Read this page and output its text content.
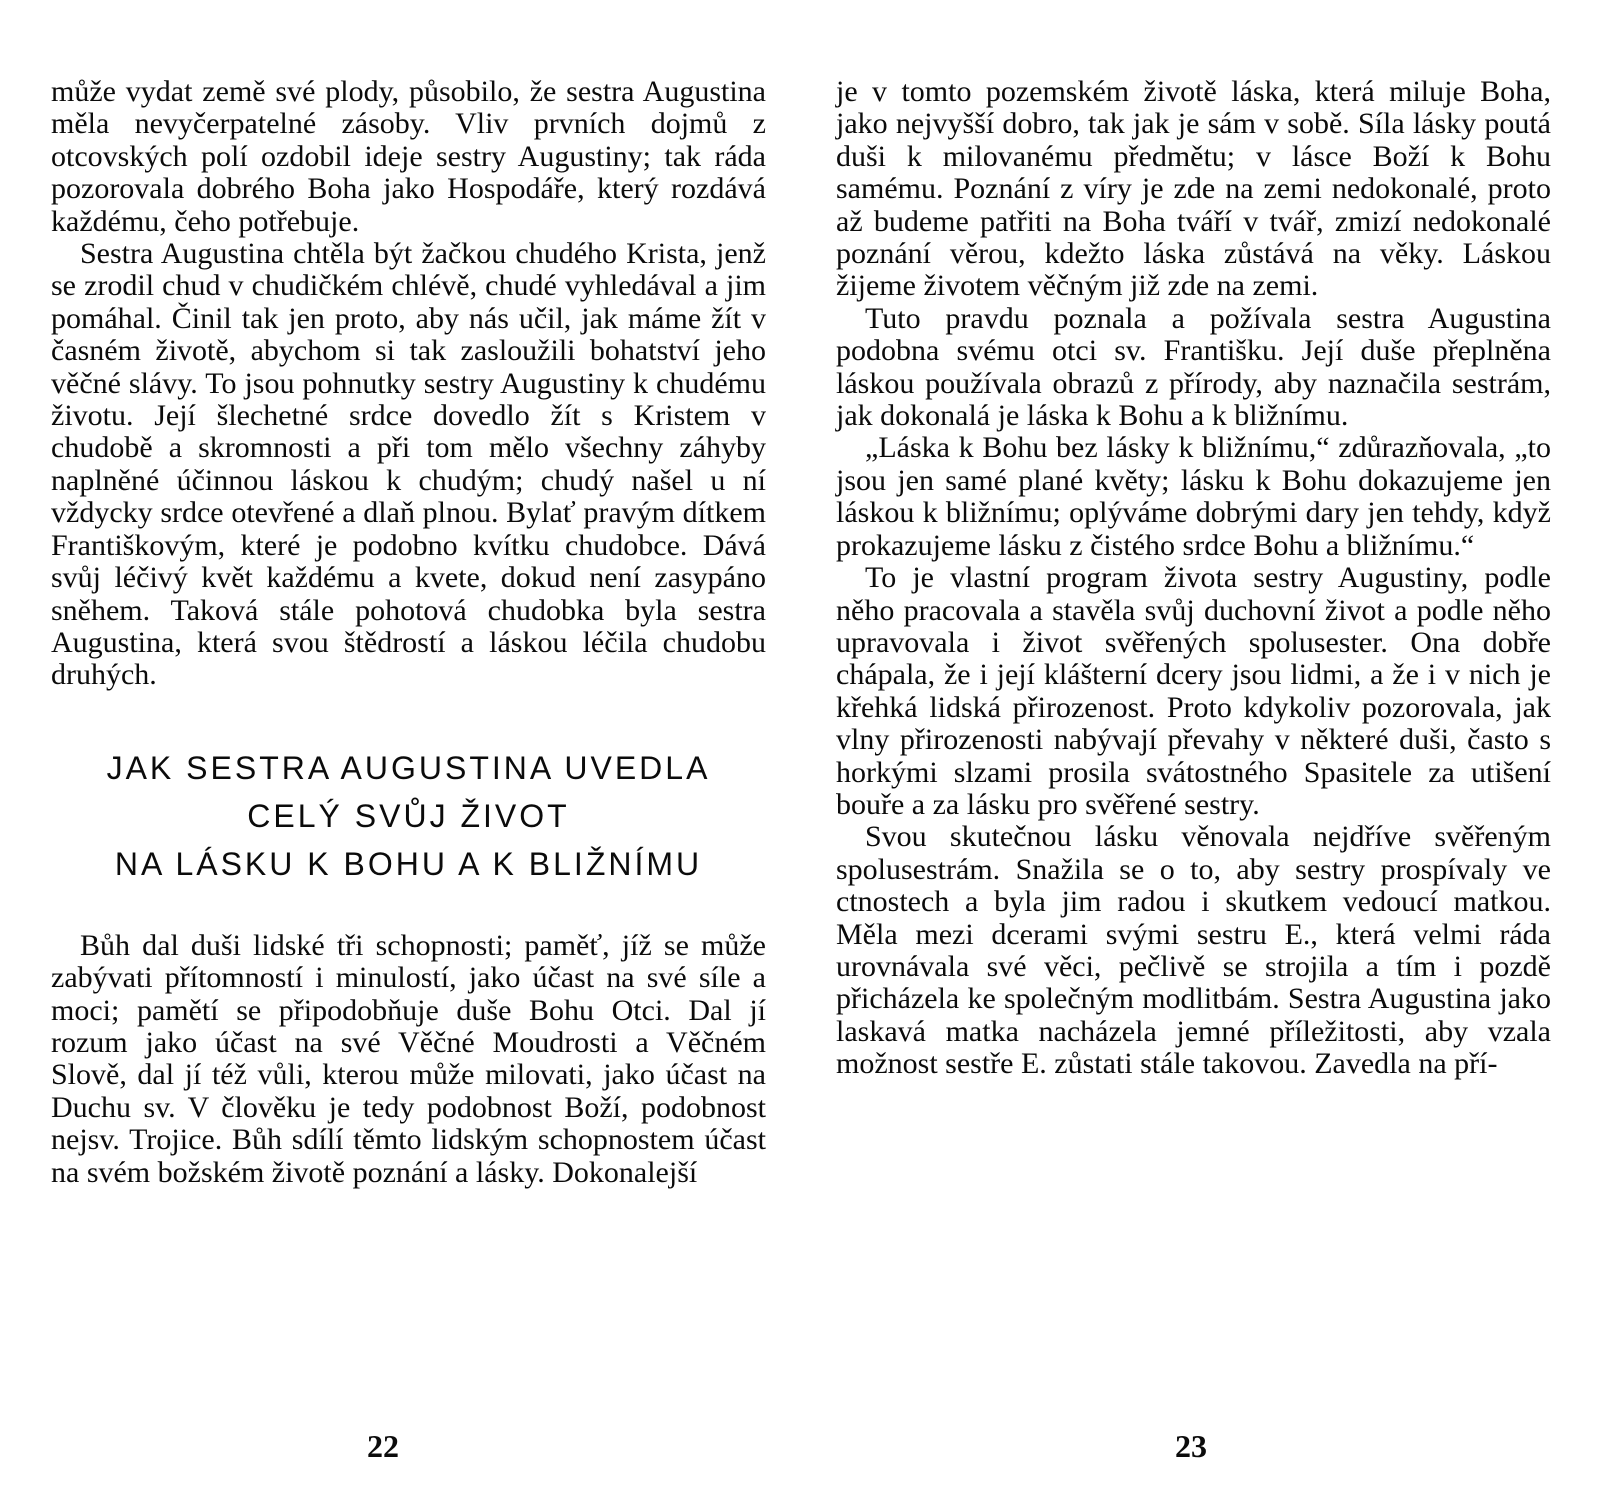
může vydat země své plody, působilo, že sestra Augustina měla nevyčerpatelné zásoby. Vliv prvních dojmů z otcovských polí ozdobil ideje sestry Augustiny; tak ráda pozorovala dobrého Boha jako Hospodáře, který rozdává každému, čeho potřebuje.

Sestra Augustina chtěla být žačkou chudého Krista, jenž se zrodil chud v chudičkém chlévě, chudé vyhledával a jim pomáhal. Činil tak jen proto, aby nás učil, jak máme žít v časném životě, abychom si tak zasloužili bohatství jeho věčné slávy. To jsou pohnutky sestry Augustiny k chudému životu. Její šlechetné srdce dovedlo žít s Kristem v chudobě a skromnosti a při tom mělo všechny záhyby naplněné účinnou láskou k chudým; chudý našel u ní vždycky srdce otevřené a dlaň plnou. Bylať pravým dítkem Františkovým, které je podobno kvítku chudobce. Dává svůj léčivý květ každému a kvete, dokud není zasypáno sněhem. Taková stále pohotová chudobka byla sestra Augustina, která svou štědrostí a láskou léčila chudobu druhých.

JAK SESTRA AUGUSTINA UVEDLA
CELÝ SVŮJ ŽIVOT
NA LÁSKU K BOHU A K BLIŽNÍMU

Bůh dal duši lidské tři schopnosti; paměť, jíž se může zabývati přítomností i minulostí, jako účast na své síle a moci; pamětí se připodobňuje duše Bohu Otci. Dal jí rozum jako účast na své Věčné Moudrosti a Věčném Slově, dal jí též vůli, kterou může milovati, jako účast na Duchu sv. V člověku je tedy podobnost Boží, podobnost nejsv. Trojice. Bůh sdílí těmto lidským schopnostem účast na svém božském životě poznání a lásky. Dokonalejší

22

je v tomto pozemském životě láska, která miluje Boha, jako nejvyšší dobro, tak jak je sám v sobě. Síla lásky poutá duši k milovanému předmětu; v lásce Boží k Bohu samému. Poznání z víry je zde na zemi nedokonalé, proto až budeme patřiti na Boha tváří v tvář, zmizí nedokonalé poznání věrou, kdežto láska zůstává na věky. Láskou žijeme životem věčným již zde na zemi.

Tuto pravdu poznala a požívala sestra Augustina podobna svému otci sv. Františku. Její duše přeplněna láskou používala obrazů z přírody, aby naznačila sestrám, jak dokonalá je láska k Bohu a k bližnímu.

„Láska k Bohu bez lásky k bližnímu,“ zdůrazňovala, „to jsou jen samé plané květy; lásku k Bohu dokazujeme jen láskou k bližnímu; oplýváme dobrými dary jen tehdy, když prokazujeme lásku z čistého srdce Bohu a bližnímu.“

To je vlastní program života sestry Augustiny, podle něho pracovala a stavěla svůj duchovní život a podle něho upravovala i život svěřených spolusester. Ona dobře chápala, že i její klášterní dcery jsou lidmi, a že i v nich je křehká lidská přirozenost. Proto kdykoliv pozorovala, jak vlny přirozenosti nabývají převahy v některé duši, často s horkými slzami prosila svátostného Spasitele za utišení bouře a za lásku pro svěřené sestry.

Svou skutečnou lásku věnovala nejdříve svěřeným spolusestrám. Snažila se o to, aby sestry prospívaly ve ctnostech a byla jim radou i skutkem vedoucí matkou. Měla mezi dcerami svými sestru E., která velmi ráda urovnávala své věci, pečlivě se strojila a tím i pozdě přicházela ke společným modlitbám. Sestra Augustina jako laskavá matka nacházela jemné příležitosti, aby vzala možnost sestře E. zůstati stále takovou. Zavedla na pří-

23
